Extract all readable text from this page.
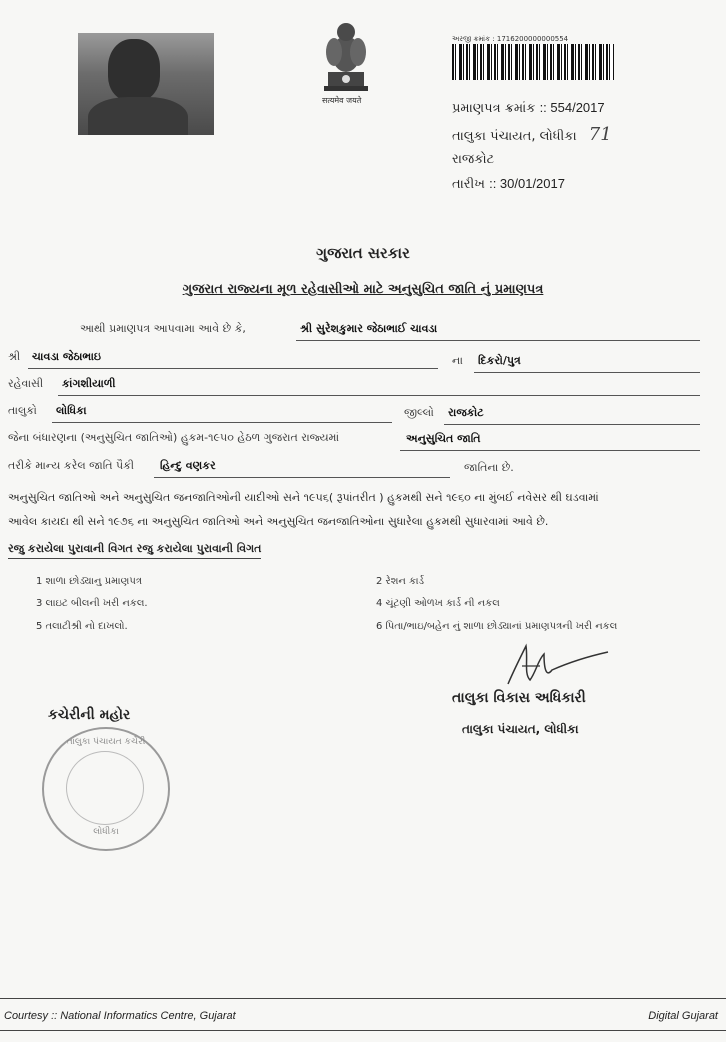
सत्यमेव जयते
અરજી ક્રમાંક : 1716200000000554
પ્રમાણપત્ર ક્રમાંક :: 554/2017
તાલુકા પંચાયત, લોધીકા 71
રાજકોટ
તારીખ :: 30/01/2017
ગુજરાત સરકાર
ગુજરાત રાજ્યના મૂળ રહેવાસીઓ માટે અનુસુચિત જાતિ નું પ્રમાણપત્ર
આથી પ્રમાણપત્ર આપવામા આવે છે કે,	શ્રી સુરેશકુમાર જેઠાભાઈ ચાવડા
શ્રી ચાવડા જેઠાભાઇ	ના દિકરો/પુત્ર
રહેવાસી કાંગશીયાળી
તાલુકો લોધિકા	જીલ્લો રાજકોટ
જેના બંધારણના (અનુસુચિત જાતિઓ) હુકમ-૧૯૫૦ હેઠળ ગુજરાત રાજ્યમાં	અનુસુચિત જાતિ
તરીકે માન્ય કરેલ જાતિ પૈકી હિન્દુ વણકર	જાતિના છે.
અનુસુચિત જાતિઓ અને અનુસુચિત જનજાતિઓની યાદીઓ સને ૧૯૫૬( રૂપાંતરીત ) હુકમથી સને ૧૯૬૦ ના મુંબઈ નવેસર થી ઘડવામાં
આવેલ કાયદા થી સને ૧૯૭૬ ના અનુસુચિત જાતિઓ અને અનુસુચિત જનજાતિઓના સુધારેલા હુકમથી સુધારવામાં આવે છે.
રજુ કરાયેલા પુરાવાની વિગત રજુ કરાયેલા પુરાવાની વિગત
1 શાળા છોડ્યાનુ પ્રમાણપત્ર	2 રેશન કાર્ડ
3 લાઇટ બીલની ખરી નકલ.	4 ચૂંટણી ઓળખ કાર્ડ ની નકલ
5 તલાટીશ્રી નો દાખલો.	6 પિતા/ભાઇ/બહેન નું શાળા છોડ્યાનાં પ્રમાણપત્રની ખરી નકલ
તાલુકા વિકાસ અધિકારી
તાલુકા પંચાયત, લોધીકા
કચેરીની મહોર
તાલુકા પંચાયત કચેરી
લોધીકા
Courtesy :: National Informatics Centre, Gujarat	Digital Gujarat
